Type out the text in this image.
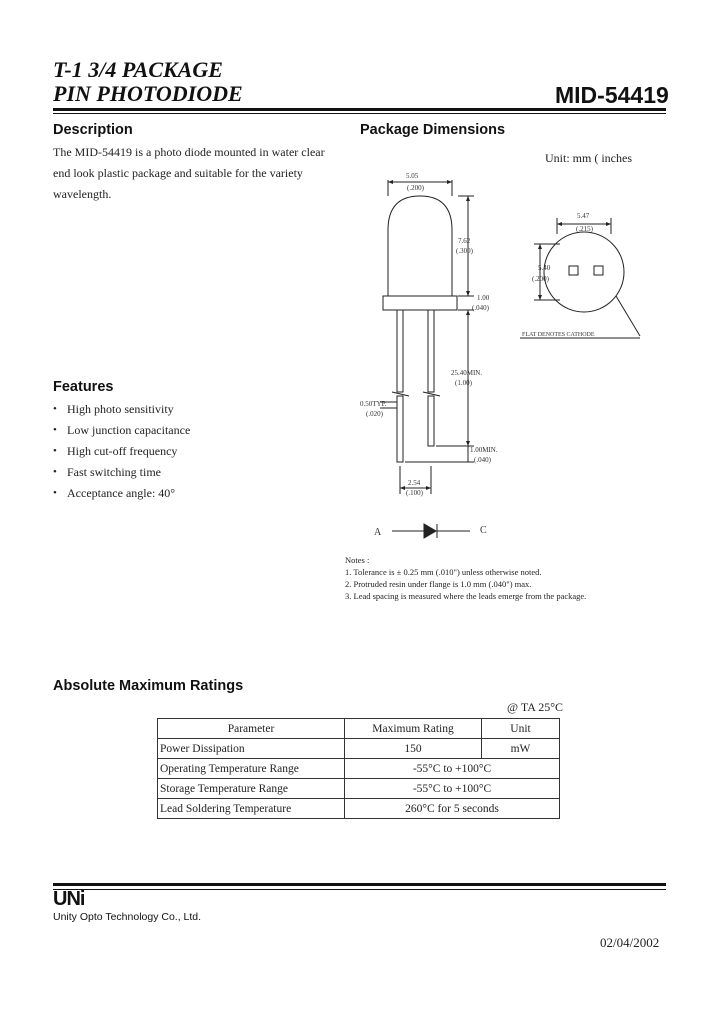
T-1 3/4 PACKAGE
PIN PHOTODIODE	MID-54419
Description
The MID-54419 is a photo diode mounted in water clear
end look plastic package and suitable for the variety
wavelength.
Features
• High photo sensitivity
• Low junction capacitance
• High cut-off frequency
• Fast switching time
• Acceptance angle: 40°
Package Dimensions
Unit: mm ( inches
5.05
(.200)
7.62
(.300)
1.00
(.040)
25.40MIN.
(1.00)
0.50TYP.
(.020)
1.00MIN.
(.040)
2.54
(.100)
5.47
(.215)
5.40
(.200)
FLAT DENOTES CATHODE
A	C
Notes :
1. Tolerance is ± 0.25 mm (.010") unless otherwise noted.
2. Protruded resin under flange is 1.0 mm (.040") max.
3. Lead spacing is measured where the leads emerge from the package.
Absolute Maximum Ratings
@ TA 25°C
Parameter	Maximum Rating	Unit
Power Dissipation	150	mW
Operating Temperature Range	-55°C to +100°C	
Storage Temperature Range	-55°C to +100°C	
Lead Soldering Temperature	260°C for 5 seconds	
UNi
Unity Opto Technology Co., Ltd.
02/04/2002
